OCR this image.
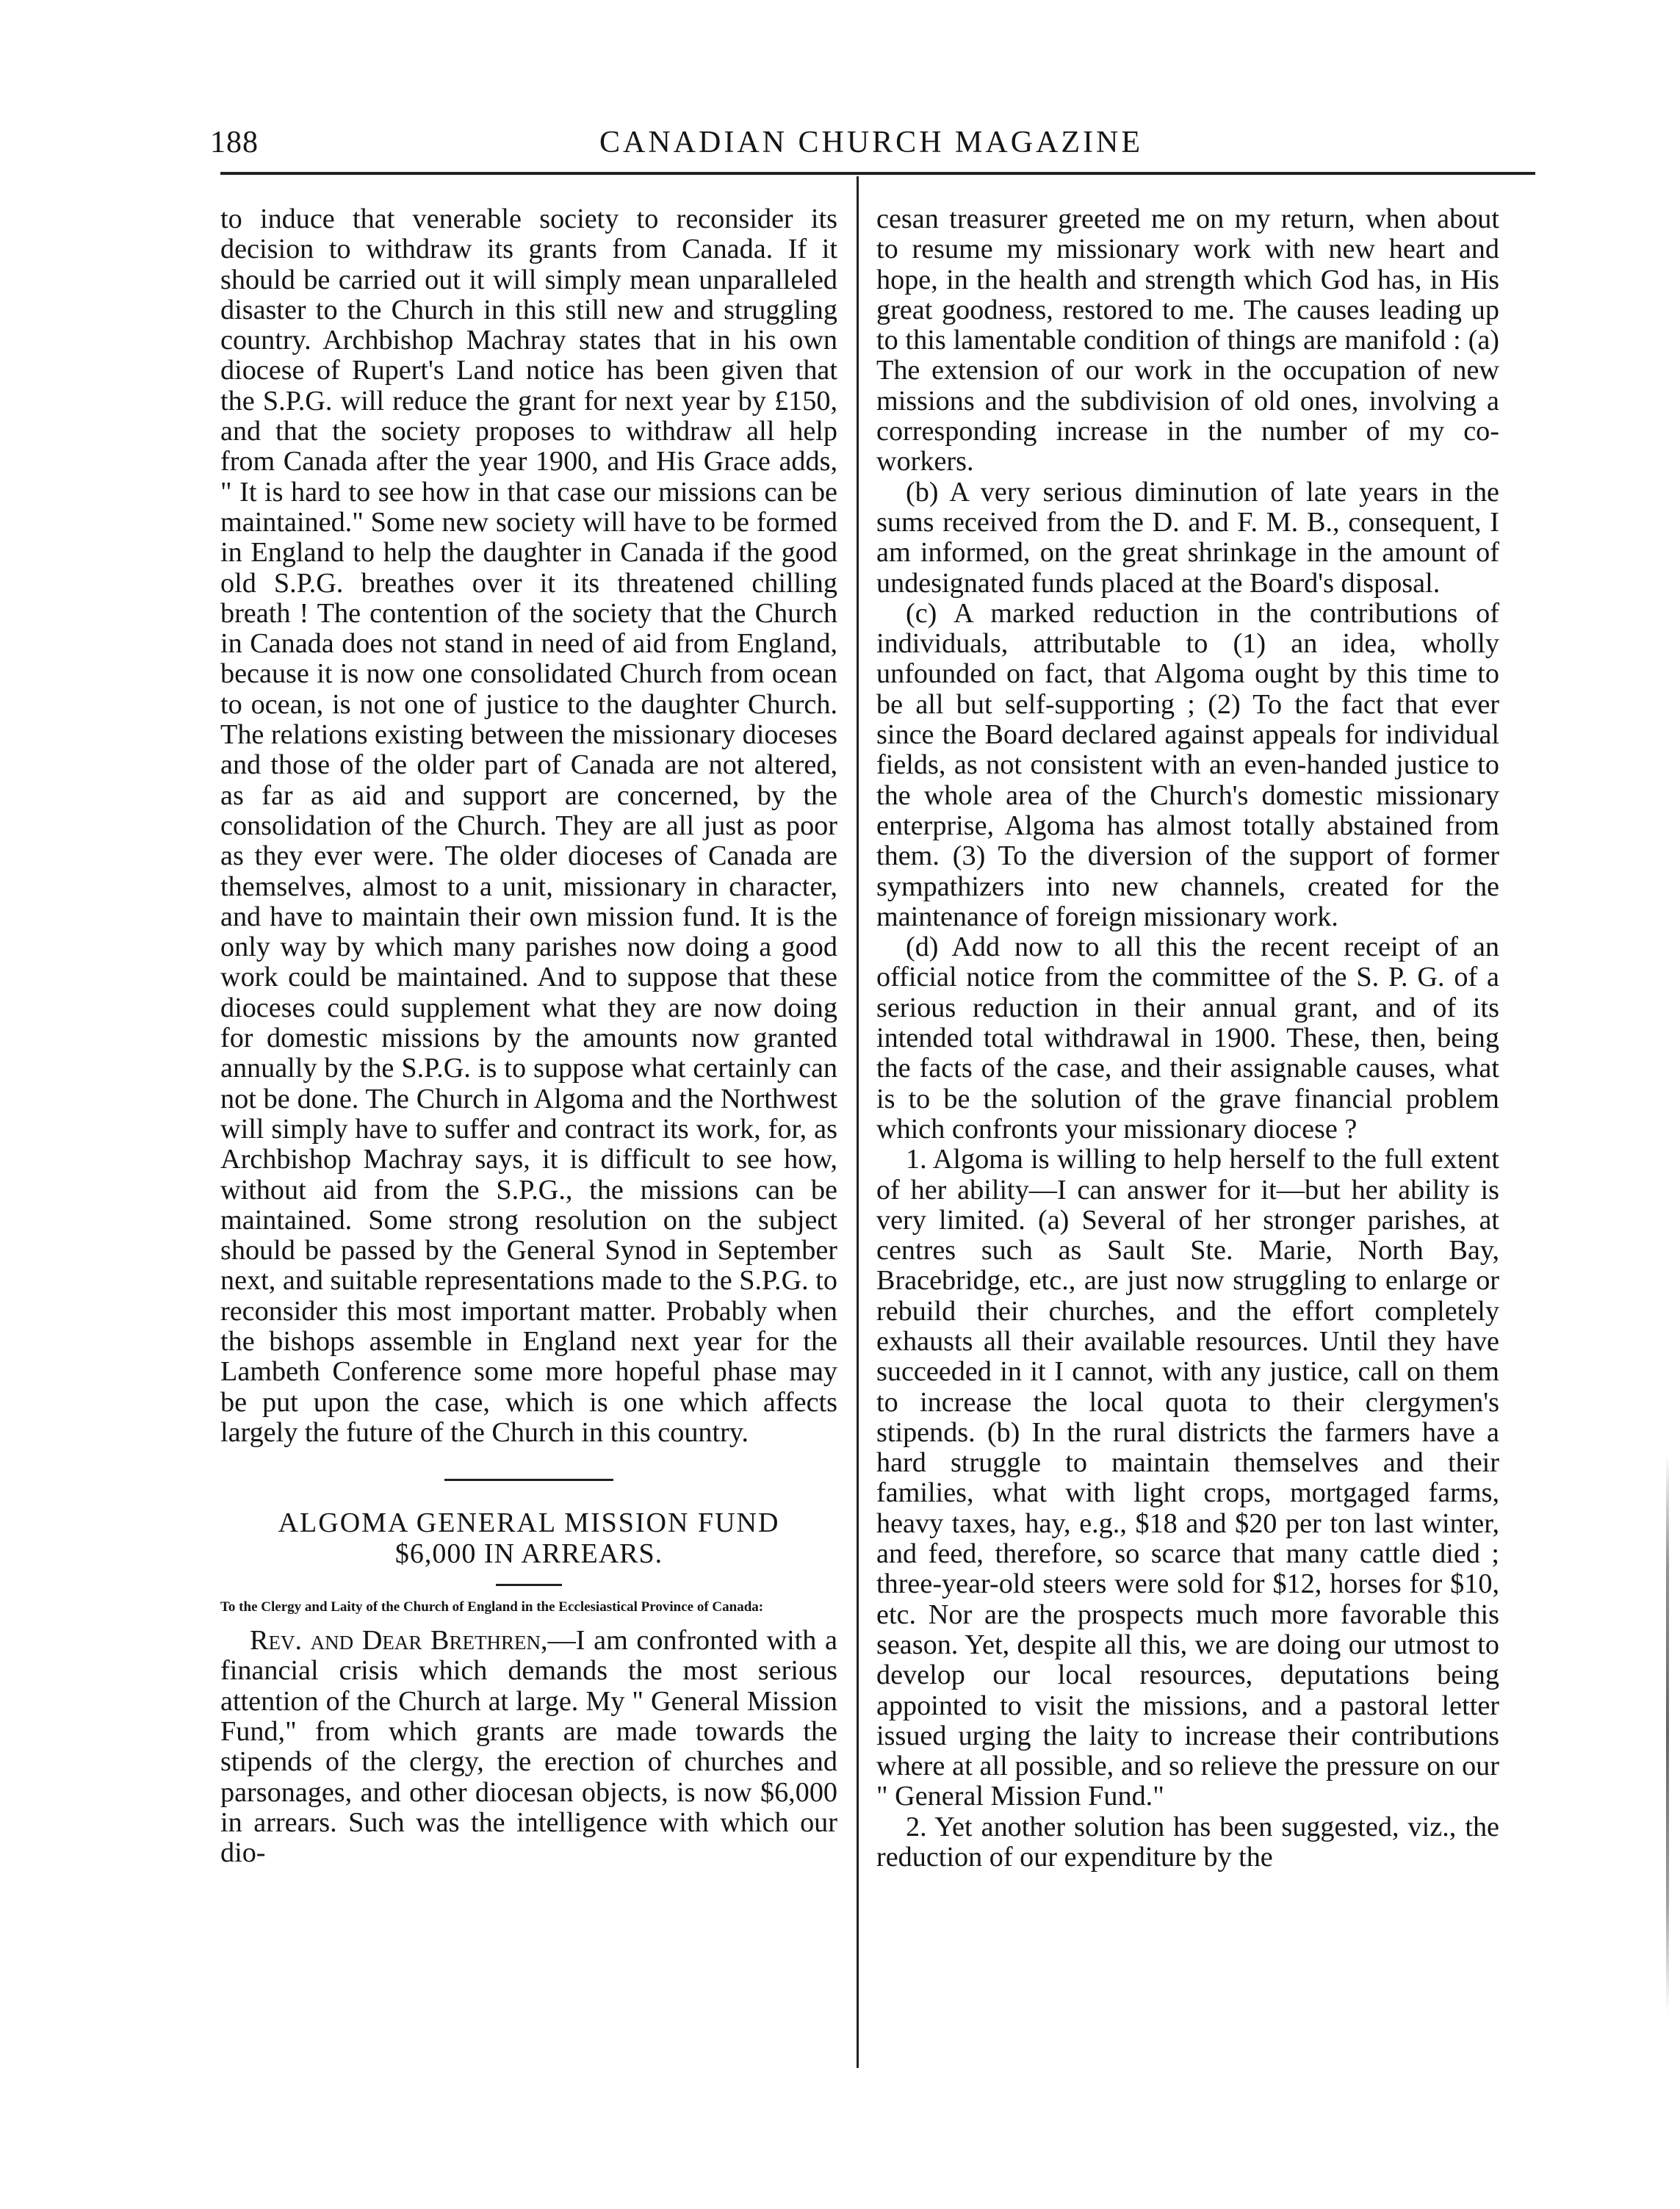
188	CANADIAN CHURCH MAGAZINE

to induce that venerable society to reconsider its decision to withdraw its grants from Canada. If it should be carried out it will simply mean unparalleled disaster to the Church in this still new and struggling country. Archbishop Machray states that in his own diocese of Rupert's Land notice has been given that the S.P.G. will reduce the grant for next year by £150, and that the society proposes to withdraw all help from Canada after the year 1900, and His Grace adds, " It is hard to see how in that case our missions can be maintained." Some new society will have to be formed in England to help the daughter in Canada if the good old S.P.G. breathes over it its threatened chilling breath ! The contention of the society that the Church in Canada does not stand in need of aid from England, because it is now one consolidated Church from ocean to ocean, is not one of justice to the daughter Church. The relations existing between the missionary dioceses and those of the older part of Canada are not altered, as far as aid and support are concerned, by the consolidation of the Church. They are all just as poor as they ever were. The older dioceses of Canada are themselves, almost to a unit, missionary in character, and have to maintain their own mission fund. It is the only way by which many parishes now doing a good work could be maintained. And to suppose that these dioceses could supplement what they are now doing for domestic missions by the amounts now granted annually by the S.P.G. is to suppose what certainly can not be done. The Church in Algoma and the Northwest will simply have to suffer and contract its work, for, as Archbishop Machray says, it is difficult to see how, without aid from the S.P.G., the missions can be maintained. Some strong resolution on the subject should be passed by the General Synod in September next, and suitable representations made to the S.P.G. to reconsider this most important matter. Probably when the bishops assemble in England next year for the Lambeth Conference some more hopeful phase may be put upon the case, which is one which affects largely the future of the Church in this country.

ALGOMA GENERAL MISSION FUND

$6,000 IN ARREARS.

To the Clergy and Laity of the Church of England in the Ecclesiastical Province of Canada:

Rev. and Dear Brethren,—I am confronted with a financial crisis which demands the most serious attention of the Church at large. My " General Mission Fund," from which grants are made towards the stipends of the clergy, the erection of churches and parsonages, and other diocesan objects, is now $6,000 in arrears. Such was the intelligence with which our dio-

cesan treasurer greeted me on my return, when about to resume my missionary work with new heart and hope, in the health and strength which God has, in His great goodness, restored to me. The causes leading up to this lamentable condition of things are manifold : (a) The extension of our work in the occupation of new missions and the subdivision of old ones, involving a corresponding increase in the number of my co-workers.

(b) A very serious diminution of late years in the sums received from the D. and F. M. B., consequent, I am informed, on the great shrinkage in the amount of undesignated funds placed at the Board's disposal.

(c) A marked reduction in the contributions of individuals, attributable to (1) an idea, wholly unfounded on fact, that Algoma ought by this time to be all but self-supporting ; (2) To the fact that ever since the Board declared against appeals for individual fields, as not consistent with an even-handed justice to the whole area of the Church's domestic missionary enterprise, Algoma has almost totally abstained from them. (3) To the diversion of the support of former sympathizers into new channels, created for the maintenance of foreign missionary work.

(d) Add now to all this the recent receipt of an official notice from the committee of the S. P. G. of a serious reduction in their annual grant, and of its intended total withdrawal in 1900. These, then, being the facts of the case, and their assignable causes, what is to be the solution of the grave financial problem which confronts your missionary diocese ?

1. Algoma is willing to help herself to the full extent of her ability—I can answer for it—but her ability is very limited. (a) Several of her stronger parishes, at centres such as Sault Ste. Marie, North Bay, Bracebridge, etc., are just now struggling to enlarge or rebuild their churches, and the effort completely exhausts all their available resources. Until they have succeeded in it I cannot, with any justice, call on them to increase the local quota to their clergymen's stipends. (b) In the rural districts the farmers have a hard struggle to maintain themselves and their families, what with light crops, mortgaged farms, heavy taxes, hay, e.g., $18 and $20 per ton last winter, and feed, therefore, so scarce that many cattle died ; three-year-old steers were sold for $12, horses for $10, etc. Nor are the prospects much more favorable this season. Yet, despite all this, we are doing our utmost to develop our local resources, deputations being appointed to visit the missions, and a pastoral letter issued urging the laity to increase their contributions where at all possible, and so relieve the pressure on our " General Mission Fund."

2. Yet another solution has been suggested, viz., the reduction of our expenditure by the
